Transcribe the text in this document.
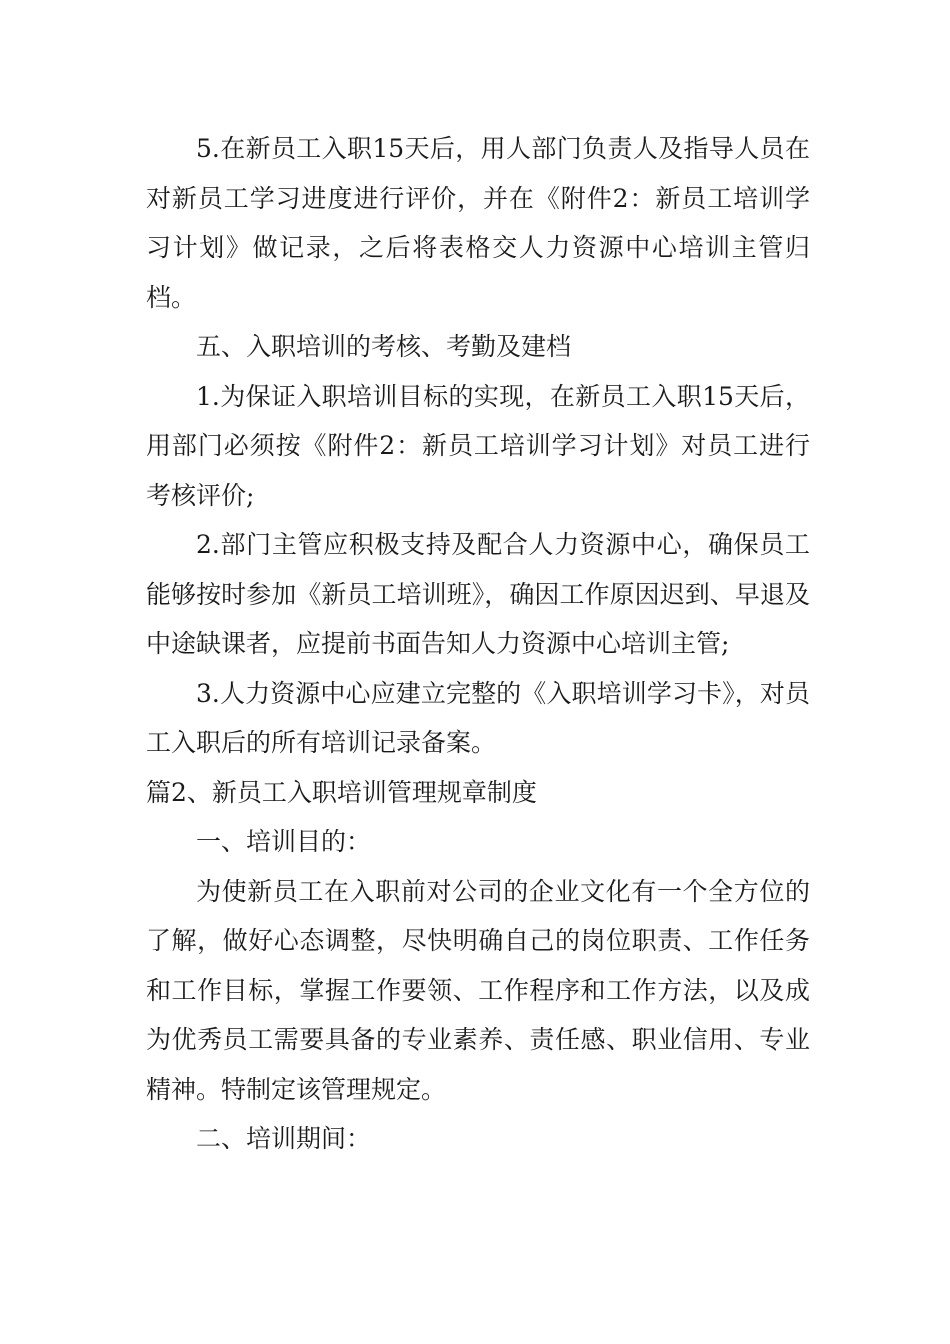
5.在新员工入职15天后，用人部门负责人及指导人员在对新员工学习进度进行评价，并在《附件2：新员工培训学习计划》做记录，之后将表格交人力资源中心培训主管归档。

五、入职培训的考核、考勤及建档

1.为保证入职培训目标的实现，在新员工入职15天后，用部门必须按《附件2：新员工培训学习计划》对员工进行考核评价;

2.部门主管应积极支持及配合人力资源中心，确保员工能够按时参加《新员工培训班》，确因工作原因迟到、早退及中途缺课者，应提前书面告知人力资源中心培训主管;

3.人力资源中心应建立完整的《入职培训学习卡》，对员工入职后的所有培训记录备案。

篇2、新员工入职培训管理规章制度

一、培训目的：

为使新员工在入职前对公司的企业文化有一个全方位的了解，做好心态调整，尽快明确自己的岗位职责、工作任务和工作目标，掌握工作要领、工作程序和工作方法，以及成为优秀员工需要具备的专业素养、责任感、职业信用、专业精神。特制定该管理规定。

二、培训期间：
